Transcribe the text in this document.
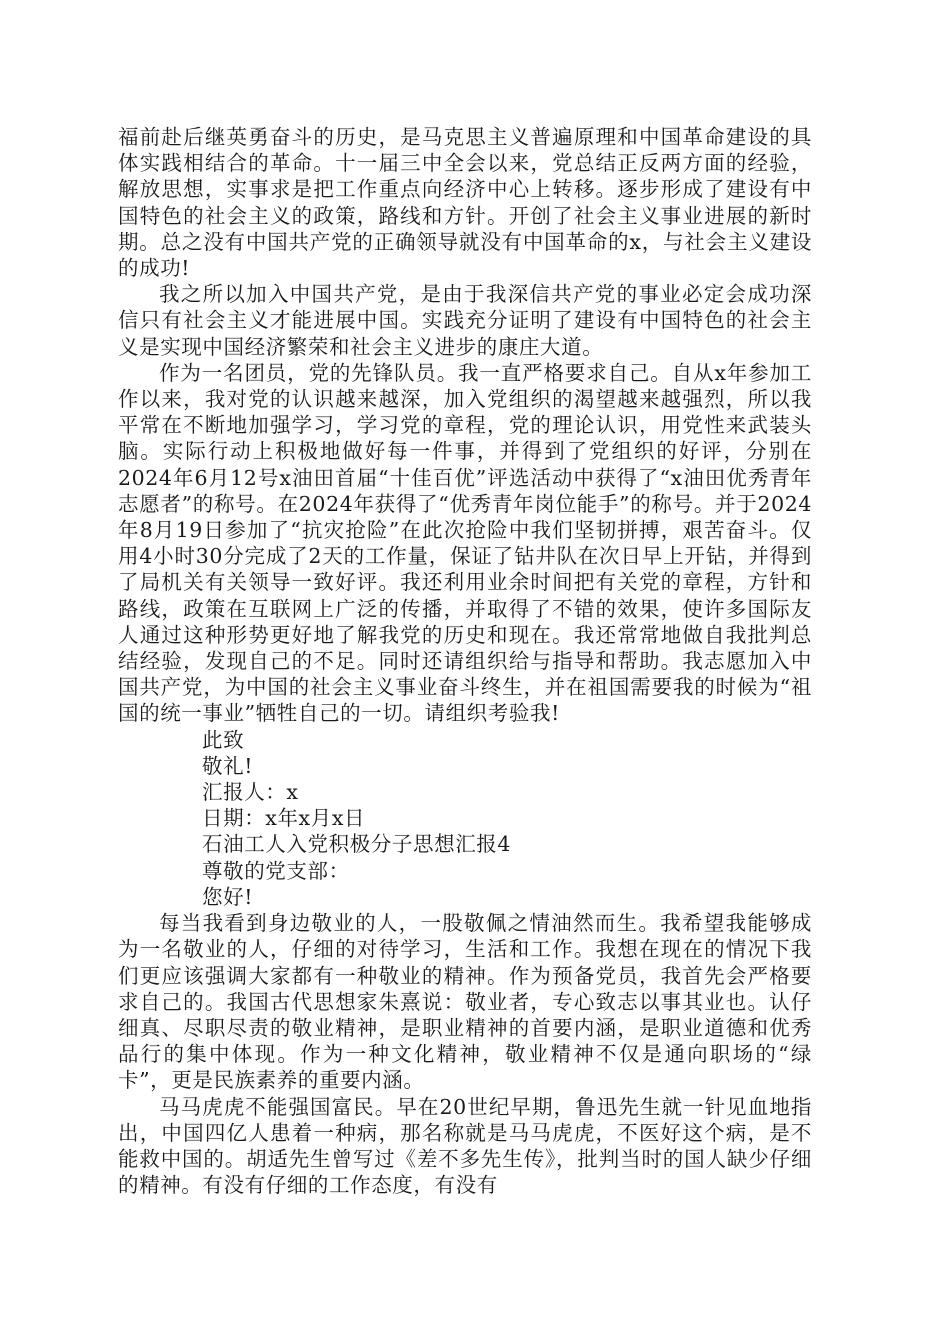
福前赴后继英勇奋斗的历史，是马克思主义普遍原理和中国革命建设的具体实践相结合的革命。十一届三中全会以来，党总结正反两方面的经验，解放思想，实事求是把工作重点向经济中心上转移。逐步形成了建设有中国特色的社会主义的政策，路线和方针。开创了社会主义事业进展的新时期。总之没有中国共产党的正确领导就没有中国革命的x，与社会主义建设的成功!

我之所以加入中国共产党，是由于我深信共产党的事业必定会成功深信只有社会主义才能进展中国。实践充分证明了建设有中国特色的社会主义是实现中国经济繁荣和社会主义进步的康庄大道。

作为一名团员，党的先锋队员。我一直严格要求自己。自从x年参加工作以来，我对党的认识越来越深，加入党组织的渴望越来越强烈，所以我平常在不断地加强学习，学习党的章程，党的理论认识，用党性来武装头脑。实际行动上积极地做好每一件事，并得到了党组织的好评，分别在2024年6月12号x油田首届“十佳百优”评选活动中获得了“x油田优秀青年志愿者”的称号。在2024年获得了“优秀青年岗位能手”的称号。并于2024年8月19日参加了“抗灾抢险”在此次抢险中我们坚韧拼搏，艰苦奋斗。仅用4小时30分完成了2天的工作量，保证了钻井队在次日早上开钻，并得到了局机关有关领导一致好评。我还利用业余时间把有关党的章程，方针和路线，政策在互联网上广泛的传播，并取得了不错的效果，使许多国际友人通过这种形势更好地了解我党的历史和现在。我还常常地做自我批判总结经验，发现自己的不足。同时还请组织给与指导和帮助。我志愿加入中国共产党，为中国的社会主义事业奋斗终生，并在祖国需要我的时候为“祖国的统一事业”牺牲自己的一切。请组织考验我!

此致

敬礼!

汇报人：x

日期：x年x月x日

石油工人入党积极分子思想汇报4

尊敬的党支部：

您好!

每当我看到身边敬业的人，一股敬佩之情油然而生。我希望我能够成为一名敬业的人，仔细的对待学习，生活和工作。我想在现在的情况下我们更应该强调大家都有一种敬业的精神。作为预备党员，我首先会严格要求自己的。我国古代思想家朱熹说：敬业者，专心致志以事其业也。认仔细真、尽职尽责的敬业精神，是职业精神的首要内涵，是职业道德和优秀品行的集中体现。作为一种文化精神，敬业精神不仅是通向职场的“绿卡”，更是民族素养的重要内涵。

马马虎虎不能强国富民。早在20世纪早期，鲁迅先生就一针见血地指出，中国四亿人患着一种病，那名称就是马马虎虎，不医好这个病，是不能救中国的。胡适先生曾写过《差不多先生传》，批判当时的国人缺少仔细的精神。有没有仔细的工作态度，有没有
